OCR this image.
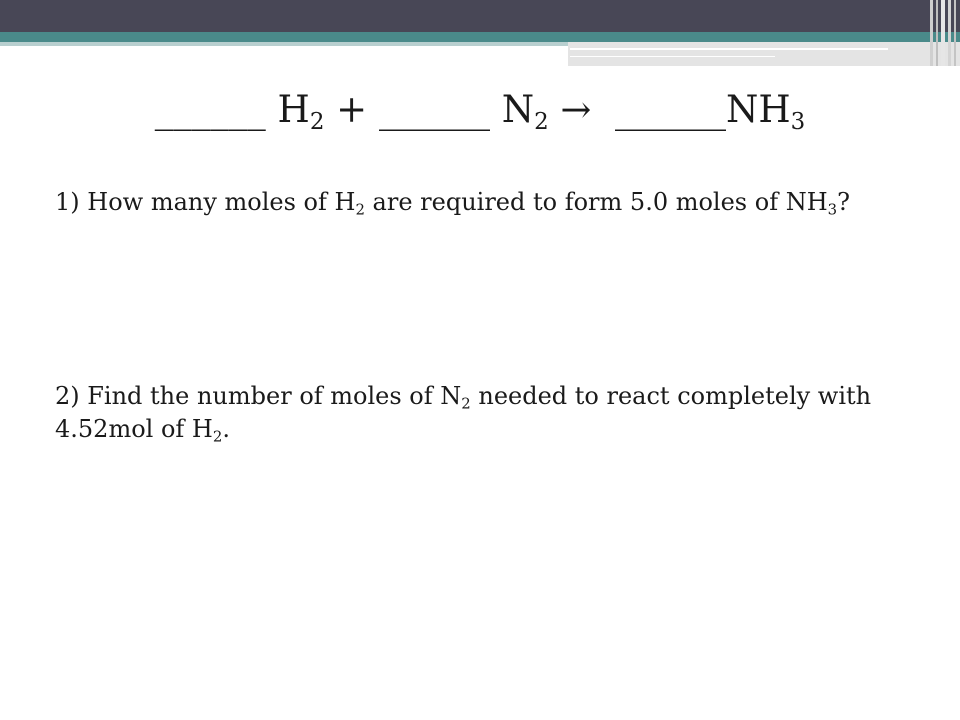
______ $H_2$ + ______ $N_2$ →  $\_\_\_\_\_\_NH_3$
1) How many moles of $H_2$ are required to form 5.0 moles of $NH_3$?
2) Find the number of moles of $N_2$ needed to react completely with 4.52mol of $H_2$.
